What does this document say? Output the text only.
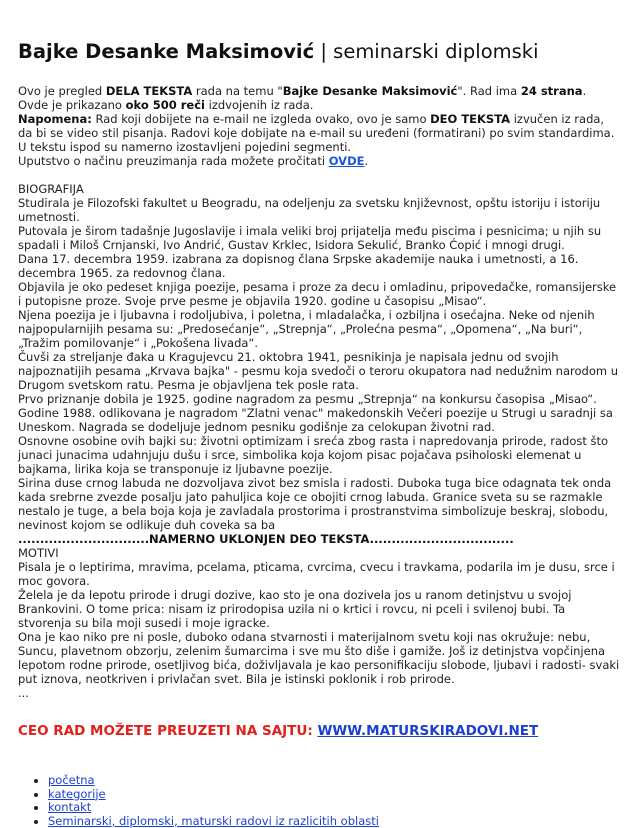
Bajke Desanke Maksimović | seminarski diplomski

Ovo je pregled DELA TEKSTA rada na temu "Bajke Desanke Maksimović". Rad ima 24 strana. Ovde je prikazano oko 500 reči izdvojenih iz rada.

Napomena: Rad koji dobijete na e-mail ne izgleda ovako, ovo je samo DEO TEKSTA izvučen iz rada, da bi se video stil pisanja. Radovi koje dobijate na e-mail su uređeni (formatirani) po svim standardima. U tekstu ispod su namerno izostavljeni pojedini segmenti.

Uputstvo o načinu preuzimanja rada možete pročitati OVDE.

BIOGRAFIJA

Studirala je Filozofski fakultet u Beogradu, na odeljenju za svetsku književnost, opštu istoriju i istoriju umetnosti.

Putovala je širom tadašnje Jugoslavije i imala veliki broj prijatelja među piscima i pesnicima; u njih su spadali i Miloš Crnjanski, Ivo Andrić, Gustav Krklec, Isidora Sekulić, Branko Ćopić i mnogi drugi.

Dana 17. decembra 1959. izabrana za dopisnog člana Srpske akademije nauka i umetnosti, a 16. decembra 1965. za redovnog člana.

Objavila je oko pedeset knjiga poezije, pesama i proze za decu i omladinu, pripovedačke, romansijerske i putopisne proze. Svoje prve pesme je objavila 1920. godine u časopisu „Misao“.

Njena poezija je i ljubavna i rodoljubiva, i poletna, i mladalačka, i ozbiljna i osećajna. Neke od njenih najpopularnijih pesama su: „Predosećanje“, „Strepnja“, „Prolećna pesma“, „Opomena“, „Na buri“, „Tražim pomilovanje“ i „Pokošena livada“.

Čuvši za streljanje đaka u Kragujevcu 21. oktobra 1941, pesnikinja je napisala jednu od svojih najpoznatijih pesama „Krvava bajka" - pesmu koja svedoči o teroru okupatora nad nedužnim narodom u Drugom svetskom ratu. Pesma je objavljena tek posle rata.

Prvo priznanje dobila je 1925. godine nagradom za pesmu „Strepnja“ na konkursu časopisa „Misao“.

Godine 1988. odlikovana je nagradom "Zlatni venac" makedonskih Večeri poezije u Strugi u saradnji sa Uneskom. Nagrada se dodeljuje jednom pesniku godišnje za celokupan životni rad.

Osnovne osobine ovih bajki su: životni optimizam i sreća zbog rasta i napredovanja prirode, radost što junaci junacima udahnjuju dušu i srce, simbolika koja kojom pisac pojačava psiholoski elemenat u bajkama, lirika koja se transponuje iz ljubavne poezije.

Sirina duse crnog labuda ne dozvoljava zivot bez smisla i radosti. Duboka tuga bice odagnata tek onda kada srebrne zvezde posalju jato pahuljica koje ce obojiti crnog labuda. Granice sveta su se razmakle nestalo je tuge, a bela boja koja je zavladala prostorima i prostranstvima simbolizuje beskraj, slobodu, nevinost kojom se odlikuje duh coveka sa ba

..............................NAMERNO UKLONJEN DEO TEKSTA.................................

MOTIVI

Pisala je o leptirima, mravima, pcelama, pticama, cvrcima, cvecu i travkama, podarila im je dusu, srce i moc govora.

Želela je da lepotu prirode i drugi dozive, kao sto je ona dozivela jos u ranom detinjstvu u svojoj Brankovini. O tome prica: nisam iz prirodopisa uzila ni o krtici i rovcu, ni pceli i svilenoj bubi. Ta stvorenja su bila moji susedi i moje igracke.

Ona je kao niko pre ni posle, duboko odana stvarnosti i materijalnom svetu koji nas okružuje: nebu, Suncu, plavetnom obzorju, zelenim šumarcima i sve mu što diše i gamiže. Još iz detinjstva vоpčinjena lepotom rodne prirode, osetljivog bića, doživljavala je kao personifikaciju slobode, ljubavi i radosti- svaki put iznova, neotkriven i privlačan svet. Bila je istinski poklonik i rob prirode.

...

CEO RAD MOŽETE PREUZETI NA SAJTU: WWW.MATURSKIRADOVI.NET

• početna
• kategorije
• kontakt
• Seminarski, diplomski, maturski radovi iz razlicitih oblasti
